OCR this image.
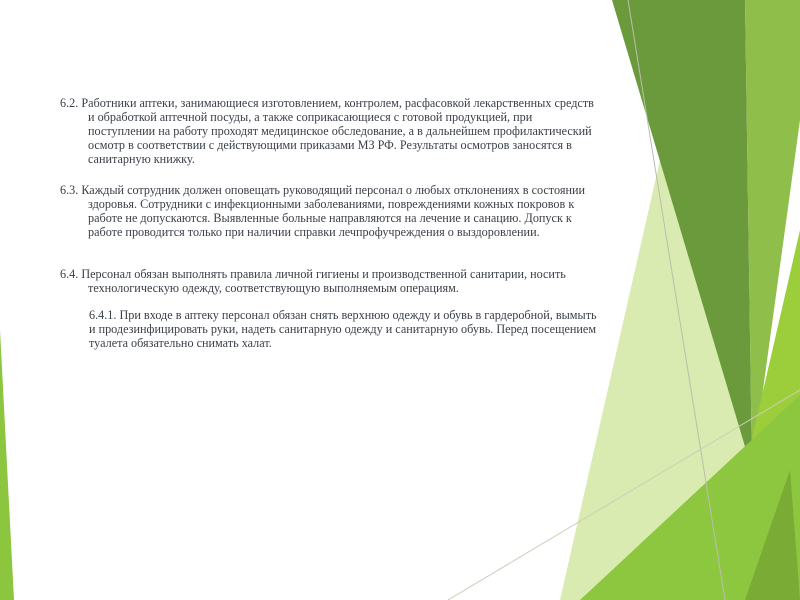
6.2. Работники аптеки, занимающиеся изготовлением, контролем, расфасовкой лекарственных средств и обработкой аптечной посуды, а также соприкасающиеся с готовой продукцией, при поступлении на работу проходят медицинское обследование, а в дальнейшем профилактический осмотр в соответствии с действующими приказами МЗ РФ. Результаты осмотров заносятся в санитарную книжку.

6.3. Каждый сотрудник должен оповещать руководящий персонал о любых отклонениях в состоянии здоровья. Сотрудники с инфекционными заболеваниями, повреждениями кожных покровов к работе не допускаются. Выявленные больные направляются на лечение и санацию. Допуск к работе проводится только при наличии справки лечпрофучреждения о выздоровлении.

6.4. Персонал обязан выполнять правила личной гигиены и производственной санитарии, носить технологическую одежду, соответствующую выполняемым операциям.

6.4.1. При входе в аптеку персонал обязан снять верхнюю одежду и обувь в гардеробной, вымыть и продезинфицировать руки, надеть санитарную одежду и санитарную обувь. Перед посещением туалета обязательно снимать халат.
